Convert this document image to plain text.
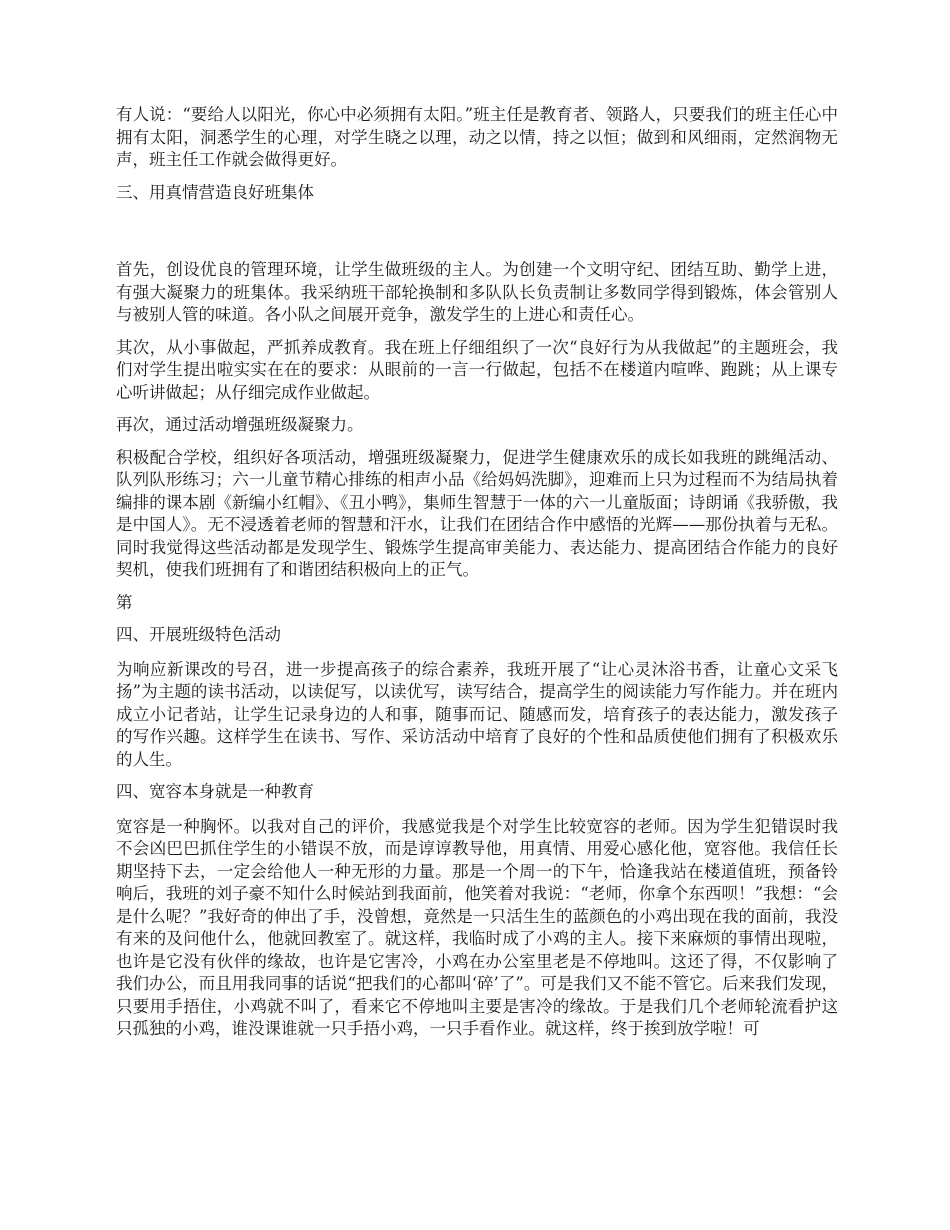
有人说：“要给人以阳光，你心中必须拥有太阳。”班主任是教育者、领路人，只要我们的班主任心中拥有太阳，洞悉学生的心理，对学生晓之以理，动之以情，持之以恒；做到和风细雨，定然润物无声，班主任工作就会做得更好。

三、用真情营造良好班集体

首先，创设优良的管理环境，让学生做班级的主人。为创建一个文明守纪、团结互助、勤学上进，有强大凝聚力的班集体。我采纳班干部轮换制和多队队长负责制让多数同学得到锻炼，体会管别人与被别人管的味道。各小队之间展开竞争，激发学生的上进心和责任心。

其次，从小事做起，严抓养成教育。我在班上仔细组织了一次“良好行为从我做起”的主题班会，我们对学生提出啦实实在在的要求：从眼前的一言一行做起，包括不在楼道内喧哗、跑跳；从上课专心听讲做起；从仔细完成作业做起。

再次，通过活动增强班级凝聚力。

积极配合学校，组织好各项活动，增强班级凝聚力，促进学生健康欢乐的成长如我班的跳绳活动、队列队形练习；六一儿童节精心排练的相声小品《给妈妈洗脚》，迎难而上只为过程而不为结局执着编排的课本剧《新编小红帽》、《丑小鸭》，集师生智慧于一体的六一儿童版面；诗朗诵《我骄傲，我是中国人》。无不浸透着老师的智慧和汗水，让我们在团结合作中感悟的光辉——那份执着与无私。同时我觉得这些活动都是发现学生、锻炼学生提高审美能力、表达能力、提高团结合作能力的良好契机，使我们班拥有了和谐团结积极向上的正气。

第

四、开展班级特色活动

为响应新课改的号召，进一步提高孩子的综合素养，我班开展了“让心灵沐浴书香，让童心文采飞扬”为主题的读书活动，以读促写，以读优写，读写结合，提高学生的阅读能力写作能力。并在班内成立小记者站，让学生记录身边的人和事，随事而记、随感而发，培育孩子的表达能力，激发孩子的写作兴趣。这样学生在读书、写作、采访活动中培育了良好的个性和品质使他们拥有了积极欢乐的人生。

四、宽容本身就是一种教育

宽容是一种胸怀。以我对自己的评价，我感觉我是个对学生比较宽容的老师。因为学生犯错误时我不会凶巴巴抓住学生的小错误不放，而是谆谆教导他，用真情、用爱心感化他，宽容他。我信任长期坚持下去，一定会给他人一种无形的力量。那是一个周一的下午，恰逢我站在楼道值班，预备铃响后，我班的刘子豪不知什么时候站到我面前，他笑着对我说：“老师，你拿个东西呗！”我想：“会是什么呢？”我好奇的伸出了手，没曾想，竟然是一只活生生的蓝颜色的小鸡出现在我的面前，我没有来的及问他什么，他就回教室了。就这样，我临时成了小鸡的主人。接下来麻烦的事情出现啦，也许是它没有伙伴的缘故，也许是它害冷，小鸡在办公室里老是不停地叫。这还了得，不仅影响了我们办公，而且用我同事的话说“把我们的心都叫‘碎’了”。可是我们又不能不管它。后来我们发现，只要用手捂住，小鸡就不叫了，看来它不停地叫主要是害冷的缘故。于是我们几个老师轮流看护这只孤独的小鸡，谁没课谁就一只手捂小鸡，一只手看作业。就这样，终于挨到放学啦！可
